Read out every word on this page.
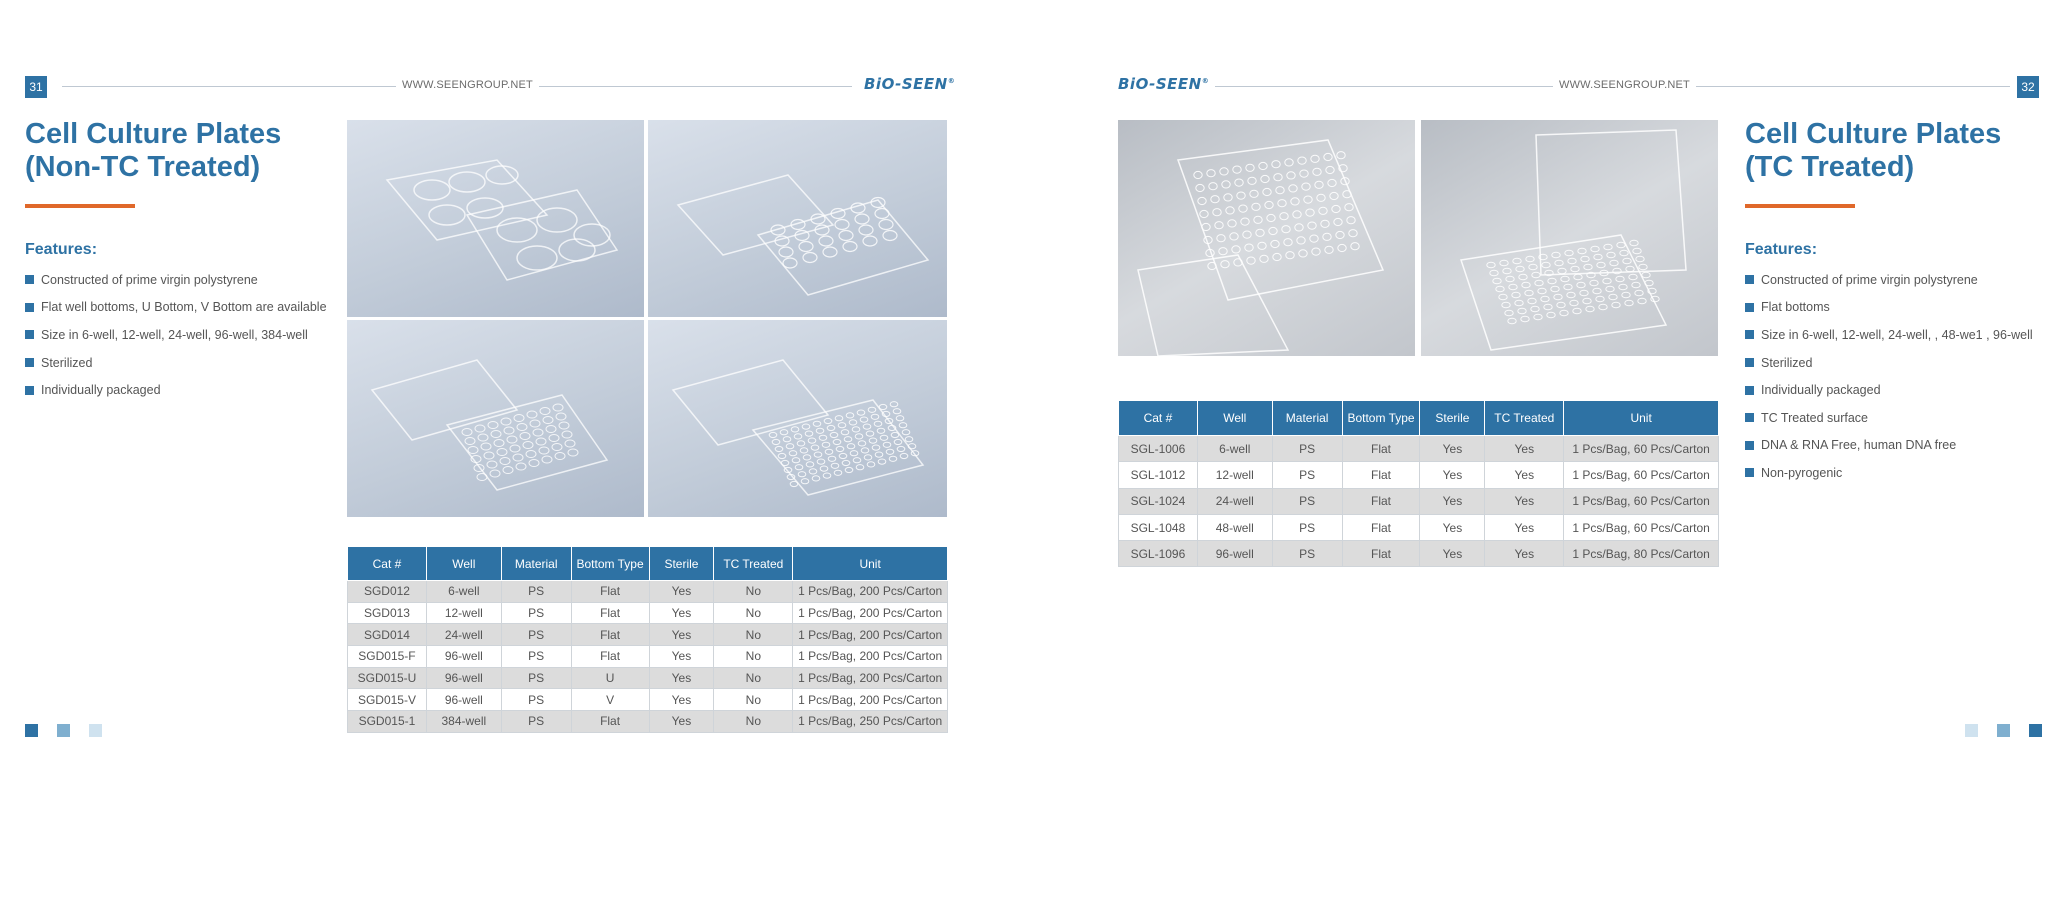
31	WWW.SEENGROUP.NET	BiO-SEEN®
Cell Culture Plates
(Non-TC Treated)
Features:
Constructed of prime virgin polystyrene
Flat well bottoms, U Bottom, V Bottom are available
Size in 6-well, 12-well, 24-well, 96-well, 384-well
Sterilized
Individually packaged
Cat #	Well	Material	Bottom Type	Sterile	TC Treated	Unit
SGD012	6-well	PS	Flat	Yes	No	1 Pcs/Bag, 200 Pcs/Carton
SGD013	12-well	PS	Flat	Yes	No	1 Pcs/Bag, 200 Pcs/Carton
SGD014	24-well	PS	Flat	Yes	No	1 Pcs/Bag, 200 Pcs/Carton
SGD015-F	96-well	PS	Flat	Yes	No	1 Pcs/Bag, 200 Pcs/Carton
SGD015-U	96-well	PS	U	Yes	No	1 Pcs/Bag, 200 Pcs/Carton
SGD015-V	96-well	PS	V	Yes	No	1 Pcs/Bag, 200 Pcs/Carton
SGD015-1	384-well	PS	Flat	Yes	No	1 Pcs/Bag, 250 Pcs/Carton
BiO-SEEN®	WWW.SEENGROUP.NET	32
Cat #	Well	Material	Bottom Type	Sterile	TC Treated	Unit
SGL-1006	6-well	PS	Flat	Yes	Yes	1 Pcs/Bag, 60 Pcs/Carton
SGL-1012	12-well	PS	Flat	Yes	Yes	1 Pcs/Bag, 60 Pcs/Carton
SGL-1024	24-well	PS	Flat	Yes	Yes	1 Pcs/Bag, 60 Pcs/Carton
SGL-1048	48-well	PS	Flat	Yes	Yes	1 Pcs/Bag, 60 Pcs/Carton
SGL-1096	96-well	PS	Flat	Yes	Yes	1 Pcs/Bag, 80 Pcs/Carton
Cell Culture Plates
(TC Treated)
Features:
Constructed of prime virgin polystyrene
Flat bottoms
Size in 6-well, 12-well, 24-well, , 48-we1 , 96-well
Sterilized
Individually packaged
TC Treated surface
DNA & RNA Free, human DNA free
Non-pyrogenic
